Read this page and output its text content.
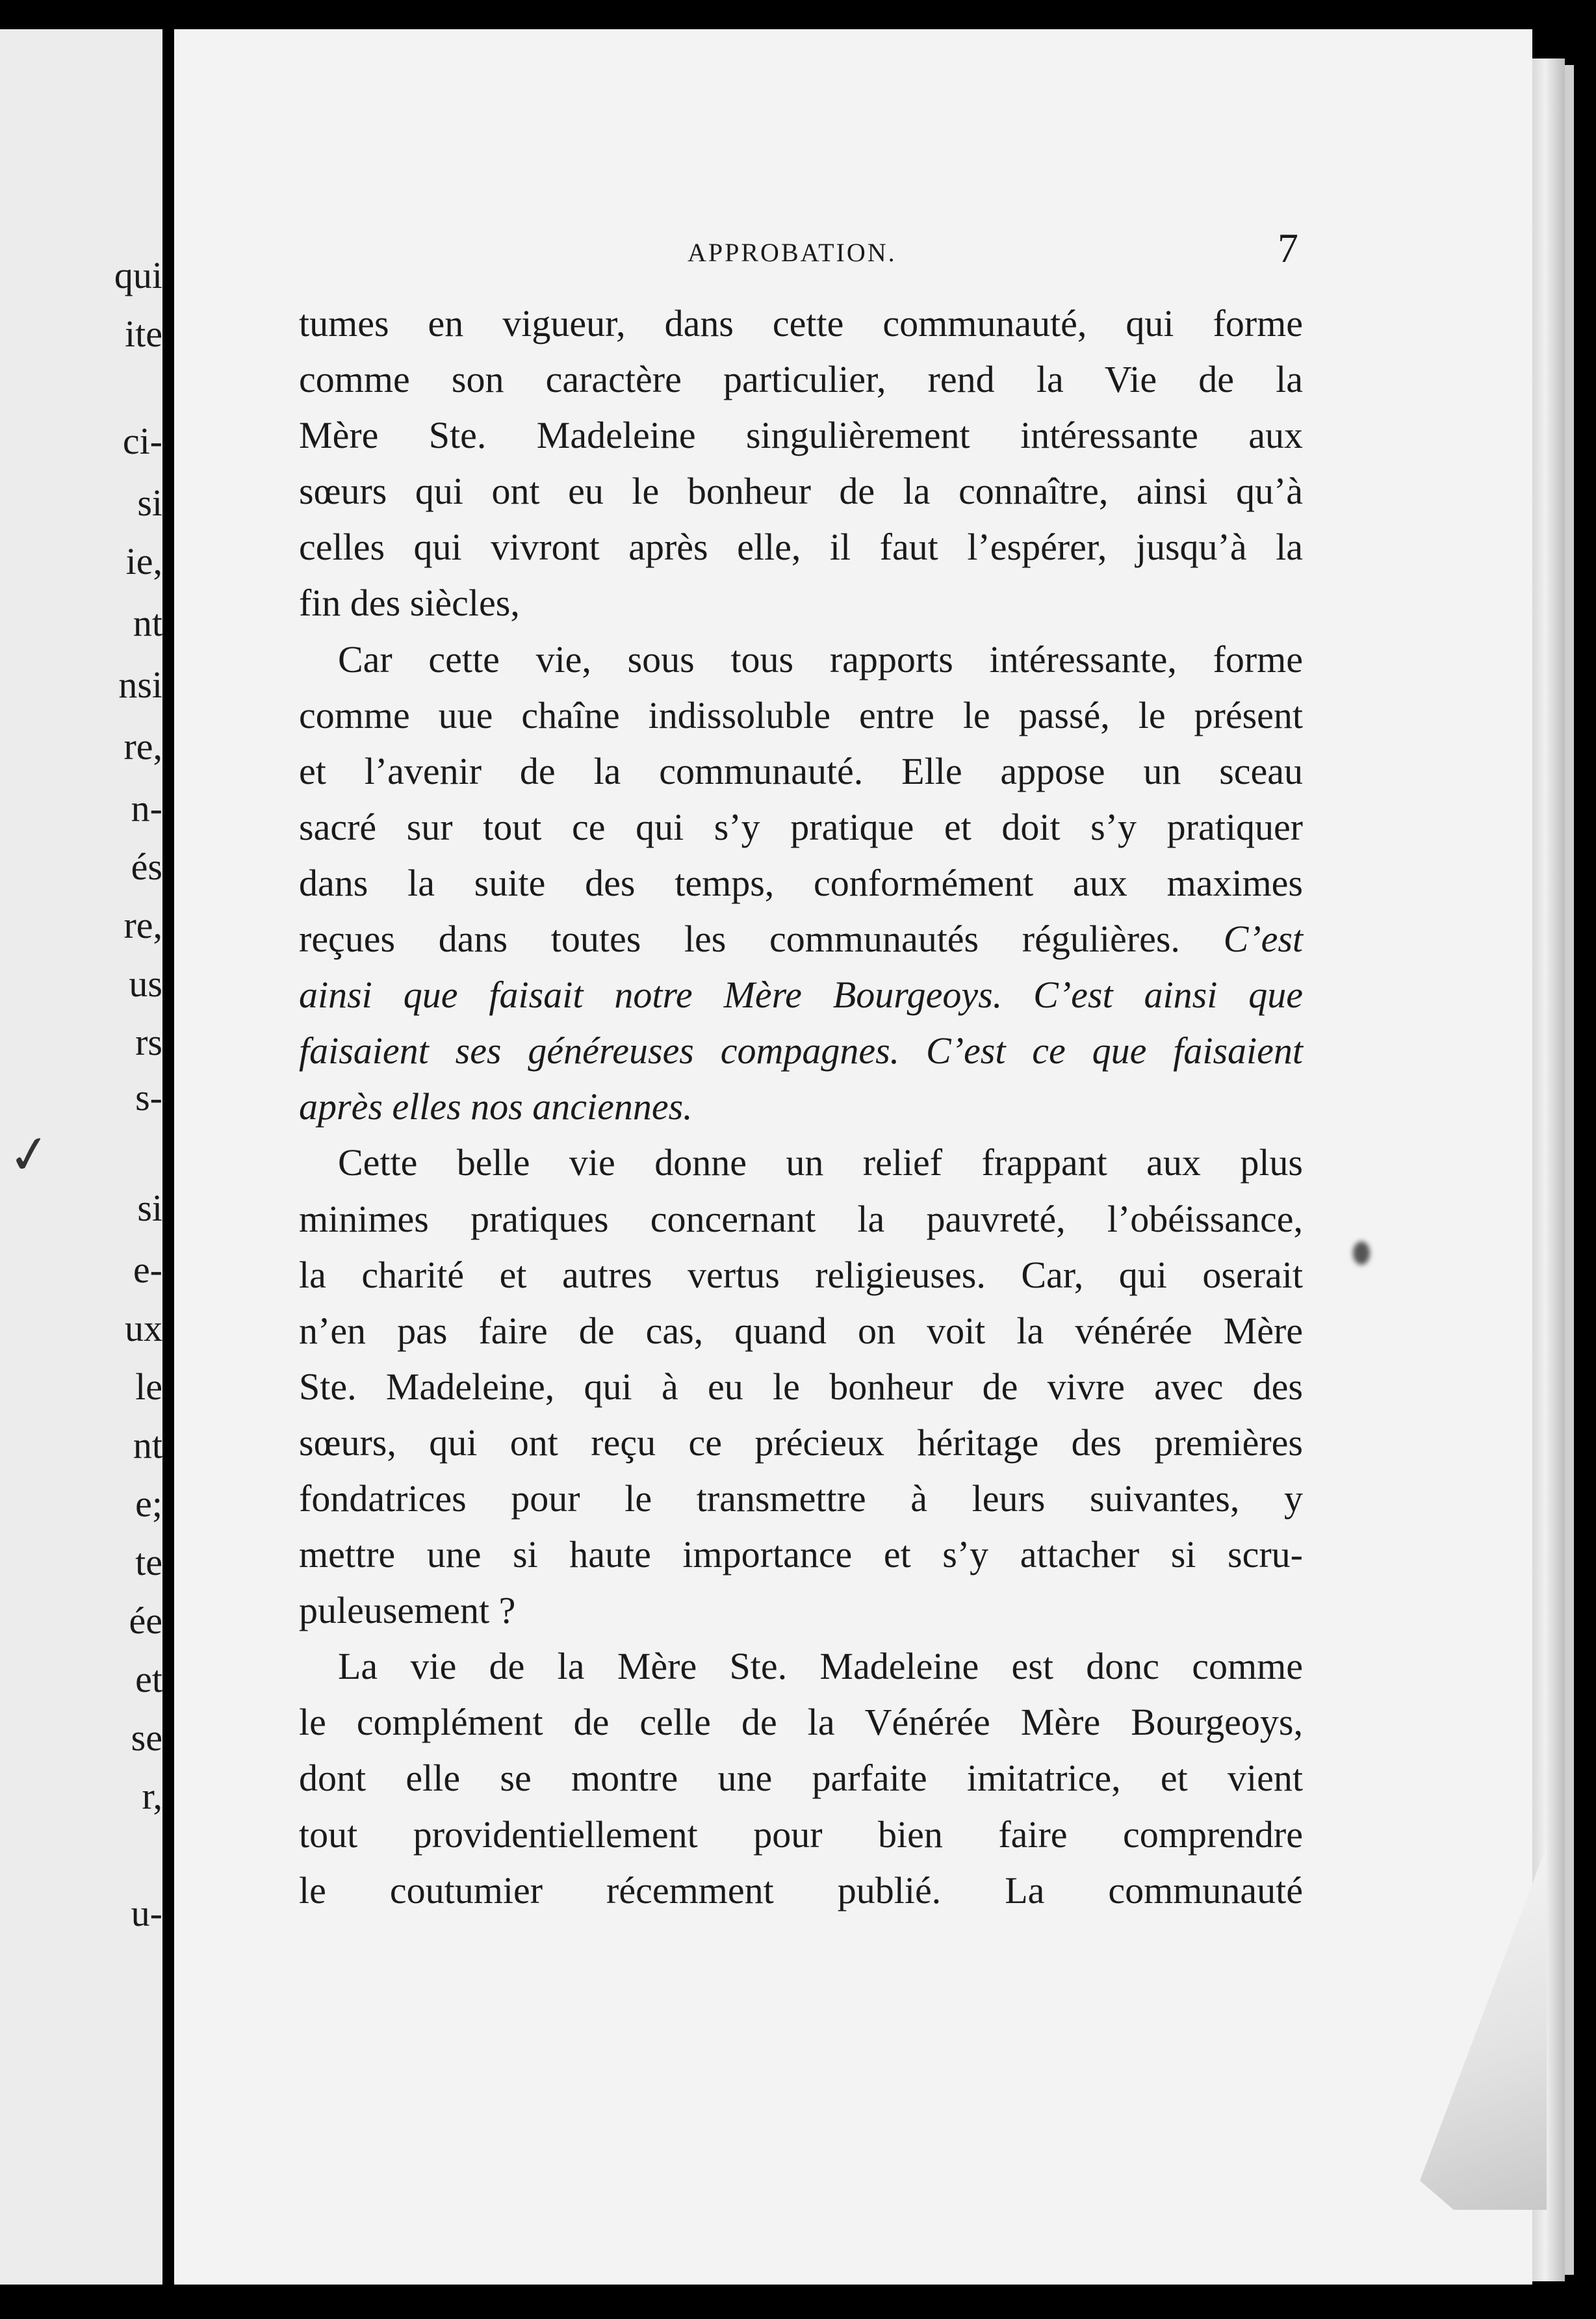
qui
ite
ci-
si
ie,
nt
nsi
re,
n-
és
re,
us
rs
s-
si
e-
ux
le
nt
e;
te
ée
et
se
r,
u-
✓
APPROBATION.	7
tumes en vigueur, dans cette communauté, qui forme
comme son caractère particulier, rend la Vie de la
Mère Ste. Madeleine singulièrement intéressante aux
sœurs qui ont eu le bonheur de la connaître, ainsi qu’à
celles qui vivront après elle, il faut l’espérer, jusqu’à la
fin des siècles,
Car cette vie, sous tous rapports intéressante, forme
comme uue chaîne indissoluble entre le passé, le présent
et l’avenir de la communauté. Elle appose un sceau
sacré sur tout ce qui s’y pratique et doit s’y pratiquer
dans la suite des temps, conformément aux maximes
reçues dans toutes les communautés régulières. C’est
ainsi que faisait notre Mère Bourgeoys. C’est ainsi que
faisaient ses généreuses compagnes. C’est ce que faisaient
après elles nos anciennes.
Cette belle vie donne un relief frappant aux plus
minimes pratiques concernant la pauvreté, l’obéissance,
la charité et autres vertus religieuses. Car, qui oserait
n’en pas faire de cas, quand on voit la vénérée Mère
Ste. Madeleine, qui à eu le bonheur de vivre avec des
sœurs, qui ont reçu ce précieux héritage des premières
fondatrices pour le transmettre à leurs suivantes, y
mettre une si haute importance et s’y attacher si scru-
puleusement ?
La vie de la Mère Ste. Madeleine est donc comme
le complément de celle de la Vénérée Mère Bourgeoys,
dont elle se montre une parfaite imitatrice, et vient
tout providentiellement pour bien faire comprendre
le coutumier récemment publié. La communauté
